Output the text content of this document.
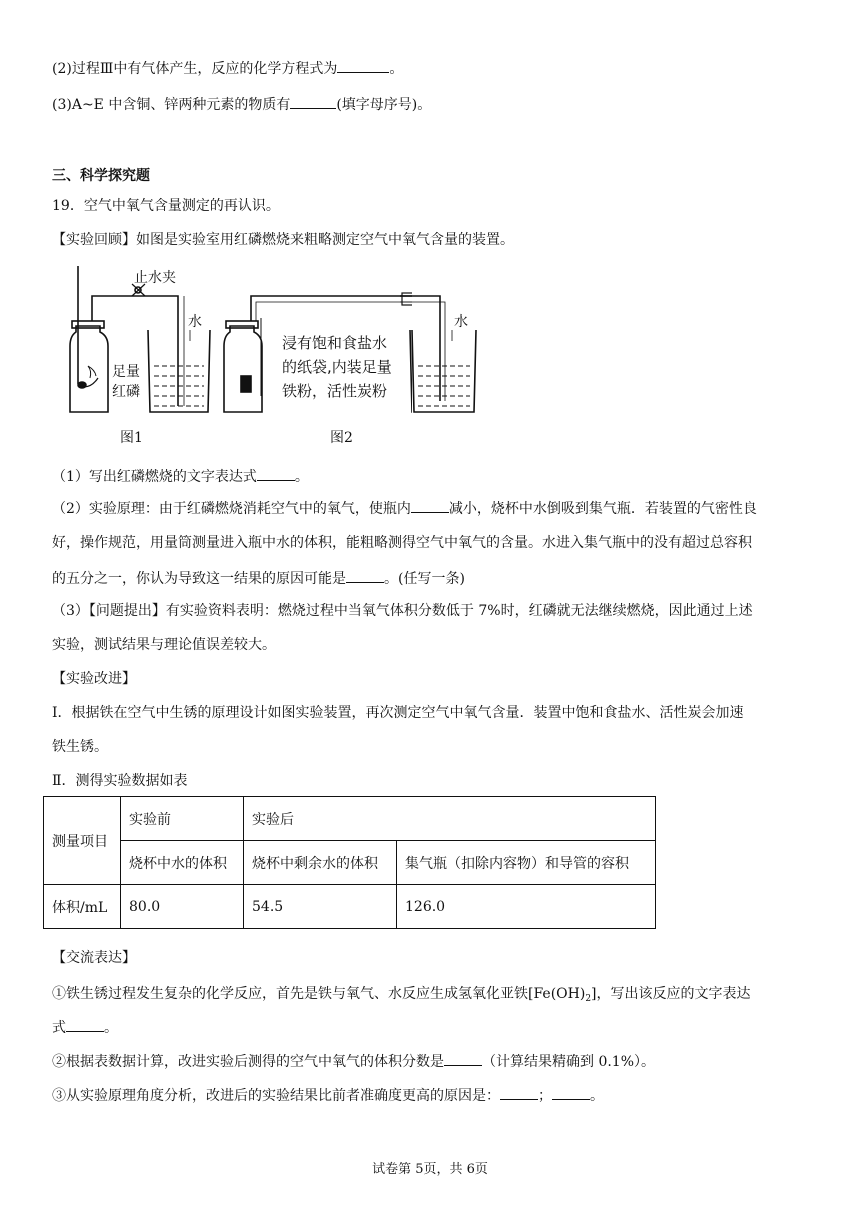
(2)过程Ⅲ中有气体产生，反应的化学方程式为	。
(3)A~E 中含铜、锌两种元素的物质有	(填字母序号)。
三、科学探究题
19．空气中氧气含量测定的再认识。
【实验回顾】如图是实验室用红磷燃烧来粗略测定空气中氧气含量的装置。
止水夹
水
足量
红磷
图1
浸有饱和食盐水
的纸袋,内装足量
铁粉，活性炭粉
图2
水
（1）写出红磷燃烧的文字表达式	。
（2）实验原理：由于红磷燃烧消耗空气中的氧气，使瓶内	减小，烧杯中水倒吸到集气瓶．若装置的气密性良
好，操作规范，用量筒测量进入瓶中水的体积，能粗略测得空气中氧气的含量。水进入集气瓶中的没有超过总容积
的五分之一，你认为导致这一结果的原因可能是	。(任写一条)
（3）【问题提出】有实验资料表明：燃烧过程中当氧气体积分数低于 7%时，红磷就无法继续燃烧，因此通过上述
实验，测试结果与理论值误差较大。
【实验改进】
Ⅰ．根据铁在空气中生锈的原理设计如图实验装置，再次测定空气中氧气含量．装置中饱和食盐水、活性炭会加速
铁生锈。
Ⅱ．测得实验数据如表
测量项目	实验前	实验后	
	烧杯中水的体积	烧杯中剩余水的体积	集气瓶（扣除内容物）和导管的容积
体积/mL	80.0	54.5	126.0
【交流表达】
①铁生锈过程发生复杂的化学反应，首先是铁与氧气、水反应生成氢氧化亚铁$[Fe(OH)_2]$，写出该反应的文字表达
式	。
②根据表数据计算，改进实验后测得的空气中氧气的体积分数是	（计算结果精确到 0.1%）。
③从实验原理角度分析，改进后的实验结果比前者准确度更高的原因是：	；	。
试卷第 5页，共 6页
